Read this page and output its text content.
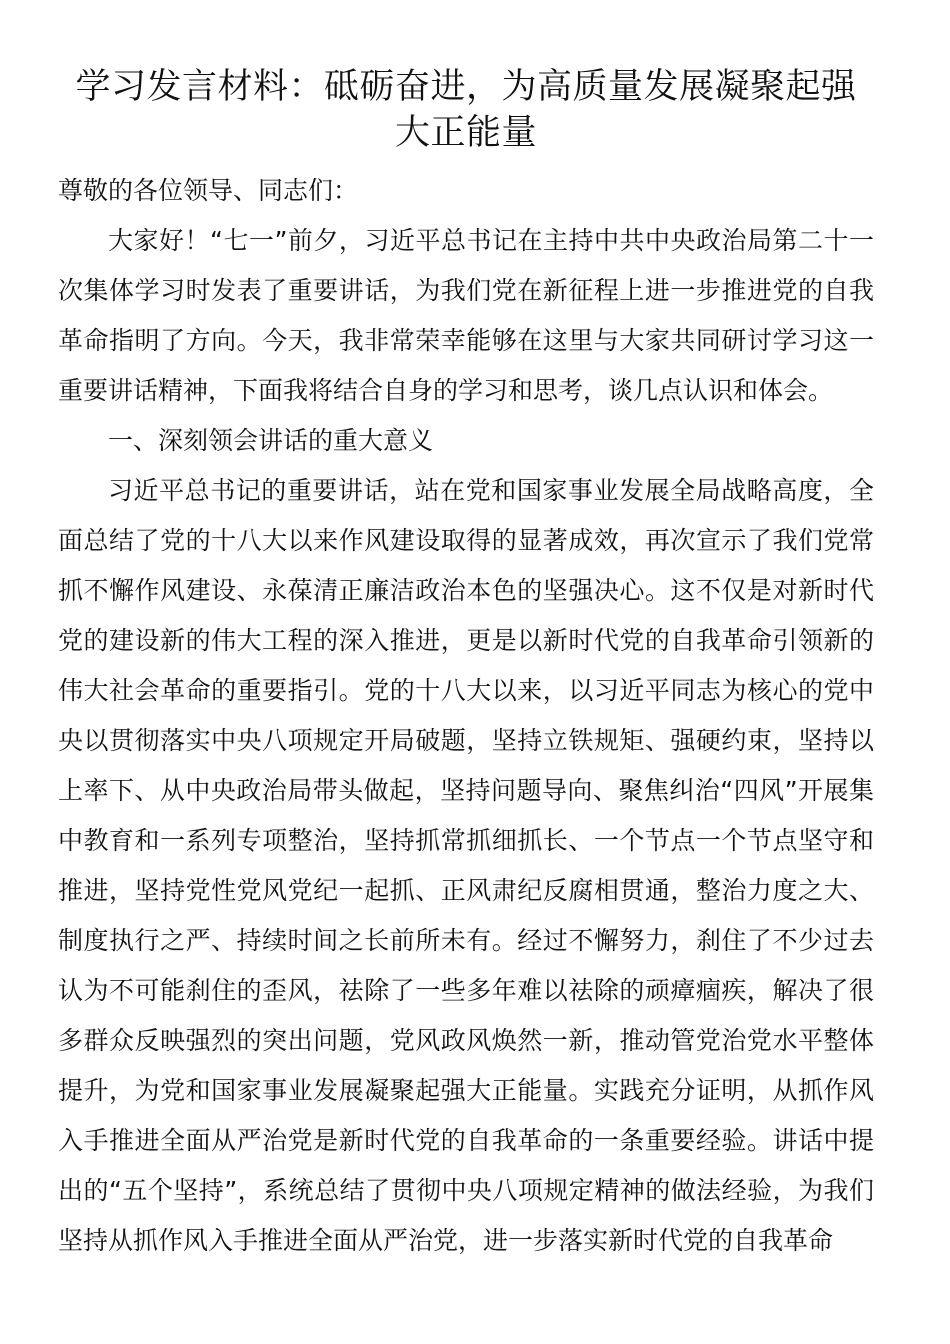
学习发言材料：砥砺奋进，为高质量发展凝聚起强大正能量

尊敬的各位领导、同志们：

大家好！“七一”前夕，习近平总书记在主持中共中央政治局第二十一次集体学习时发表了重要讲话，为我们党在新征程上进一步推进党的自我革命指明了方向。今天，我非常荣幸能够在这里与大家共同研讨学习这一重要讲话精神，下面我将结合自身的学习和思考，谈几点认识和体会。

一、深刻领会讲话的重大意义

习近平总书记的重要讲话，站在党和国家事业发展全局战略高度，全面总结了党的十八大以来作风建设取得的显著成效，再次宣示了我们党常抓不懈作风建设、永葆清正廉洁政治本色的坚强决心。这不仅是对新时代党的建设新的伟大工程的深入推进，更是以新时代党的自我革命引领新的伟大社会革命的重要指引。党的十八大以来，以习近平同志为核心的党中央以贯彻落实中央八项规定开局破题，坚持立铁规矩、强硬约束，坚持以上率下、从中央政治局带头做起，坚持问题导向、聚焦纠治“四风”开展集中教育和一系列专项整治，坚持抓常抓细抓长、一个节点一个节点坚守和推进，坚持党性党风党纪一起抓、正风肃纪反腐相贯通，整治力度之大、制度执行之严、持续时间之长前所未有。经过不懈努力，刹住了不少过去认为不可能刹住的歪风，祛除了一些多年难以祛除的顽瘴痼疾，解决了很多群众反映强烈的突出问题，党风政风焕然一新，推动管党治党水平整体提升，为党和国家事业发展凝聚起强大正能量。实践充分证明，从抓作风入手推进全面从严治党是新时代党的自我革命的一条重要经验。讲话中提出的“五个坚持”，系统总结了贯彻中央八项规定精神的做法经验，为我们坚持从抓作风入手推进全面从严治党，进一步落实新时代党的自我革命
